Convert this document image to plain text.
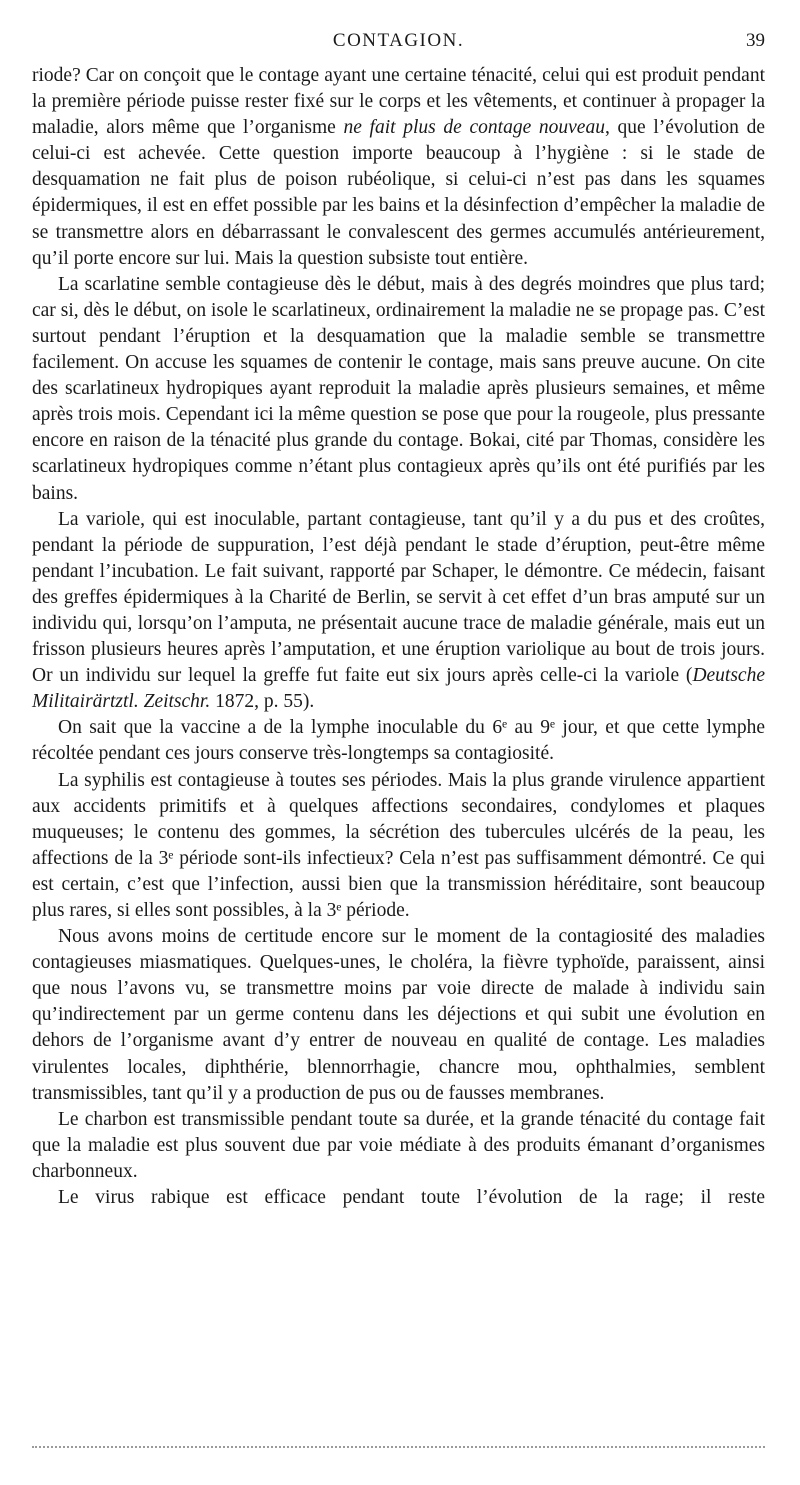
CONTAGION.	39

riode? Car on conçoit que le contage ayant une certaine ténacité, celui qui est produit pendant la première période puisse rester fixé sur le corps et les vêtements, et continuer à propager la maladie, alors même que l’organisme ne fait plus de contage nouveau, que l’évolution de celui-ci est achevée. Cette question importe beaucoup à l’hygiène : si le stade de desquamation ne fait plus de poison rubéolique, si celui-ci n’est pas dans les squames épidermiques, il est en effet possible par les bains et la désinfection d’empêcher la maladie de se transmettre alors en débarrassant le convalescent des germes accumulés antérieurement, qu’il porte encore sur lui. Mais la question subsiste tout entière.

La scarlatine semble contagieuse dès le début, mais à des degrés moindres que plus tard; car si, dès le début, on isole le scarlatineux, ordinairement la maladie ne se propage pas. C’est surtout pendant l’éruption et la desquamation que la maladie semble se transmettre facilement. On accuse les squames de contenir le contage, mais sans preuve aucune. On cite des scarlatineux hydropiques ayant reproduit la maladie après plusieurs semaines, et même après trois mois. Cependant ici la même question se pose que pour la rougeole, plus pressante encore en raison de la ténacité plus grande du contage. Bokai, cité par Thomas, considère les scarlatineux hydropiques comme n’étant plus contagieux après qu’ils ont été purifiés par les bains.

La variole, qui est inoculable, partant contagieuse, tant qu’il y a du pus et des croûtes, pendant la période de suppuration, l’est déjà pendant le stade d’éruption, peut-être même pendant l’incubation. Le fait suivant, rapporté par Schaper, le démontre. Ce médecin, faisant des greffes épidermiques à la Charité de Berlin, se servit à cet effet d’un bras amputé sur un individu qui, lorsqu’on l’amputa, ne présentait aucune trace de maladie générale, mais eut un frisson plusieurs heures après l’amputation, et une éruption variolique au bout de trois jours. Or un individu sur lequel la greffe fut faite eut six jours après celle-ci la variole (Deutsche Militairärtztl. Zeitschr. 1872, p. 55).

On sait que la vaccine a de la lymphe inoculable du 6ᵉ au 9ᵉ jour, et que cette lymphe récoltée pendant ces jours conserve très-longtemps sa contagiosité.

La syphilis est contagieuse à toutes ses périodes. Mais la plus grande virulence appartient aux accidents primitifs et à quelques affections secondaires, condylomes et plaques muqueuses; le contenu des gommes, la sécrétion des tubercules ulcérés de la peau, les affections de la 3ᵉ période sont-ils infectieux? Cela n’est pas suffisamment démontré. Ce qui est certain, c’est que l’infection, aussi bien que la transmission héréditaire, sont beaucoup plus rares, si elles sont possibles, à la 3ᵉ période.

Nous avons moins de certitude encore sur le moment de la contagiosité des maladies contagieuses miasmatiques. Quelques-unes, le choléra, la fièvre typhoïde, paraissent, ainsi que nous l’avons vu, se transmettre moins par voie directe de malade à individu sain qu’indirectement par un germe contenu dans les déjections et qui subit une évolution en dehors de l’organisme avant d’y entrer de nouveau en qualité de contage. Les maladies virulentes locales, diphthérie, blennorrhagie, chancre mou, ophthalmies, semblent transmissibles, tant qu’il y a production de pus ou de fausses membranes.

Le charbon est transmissible pendant toute sa durée, et la grande ténacité du contage fait que la maladie est plus souvent due par voie médiate à des produits émanant d’organismes charbonneux.

Le virus rabique est efficace pendant toute l’évolution de la rage; il reste
